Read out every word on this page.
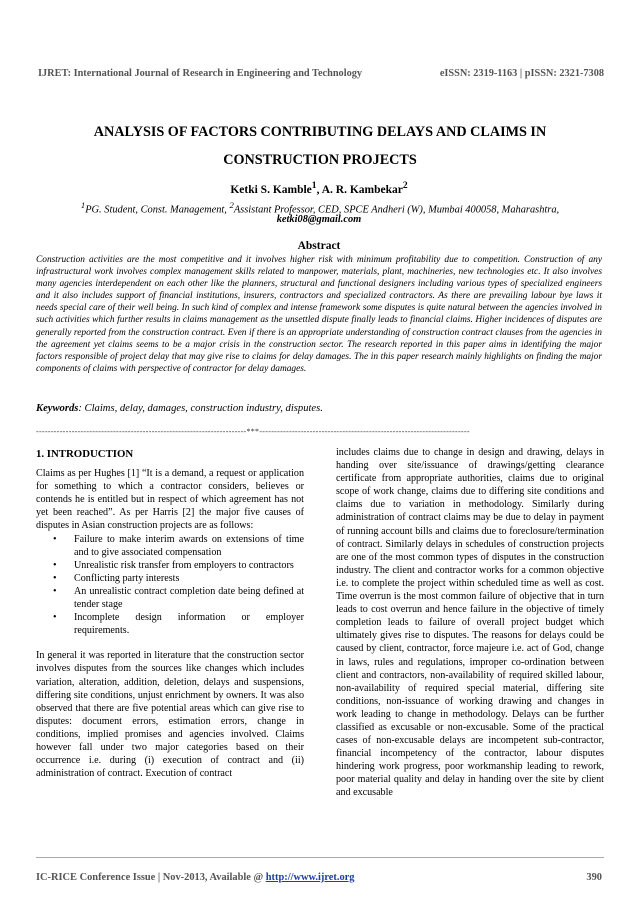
IJRET: International Journal of Research in Engineering and Technology	eISSN: 2319-1163 | pISSN: 2321-7308
ANALYSIS OF FACTORS CONTRIBUTING DELAYS AND CLAIMS IN
CONSTRUCTION PROJECTS
Ketki S. Kamble$^1$, A. R. Kambekar$^2$
$^1$PG. Student, Const. Management, $^2$Assistant Professor, CED, SPCE Andheri (W), Mumbai 400058, Maharashtra,
ketki08@gmail.com
Abstract
Construction activities are the most competitive and it involves higher risk with minimum profitability due to competition. Construction of any infrastructural work involves complex management skills related to manpower, materials, plant, machineries, new technologies etc. It also involves many agencies interdependent on each other like the planners, structural and functional designers including various types of specialized engineers and it also includes support of financial institutions, insurers, contractors and specialized contractors. As there are prevailing labour bye laws it needs special care of their well being. In such kind of complex and intense framework some disputes is quite natural between the agencies involved in such activities which further results in claims management as the unsettled dispute finally leads to financial claims. Higher incidences of disputes are generally reported from the construction contract. Even if there is an appropriate understanding of construction contract clauses from the agencies in the agreement yet claims seems to be a major crisis in the construction sector. The research reported in this paper aims in identifying the major factors responsible of project delay that may give rise to claims for delay damages. The in this paper research mainly highlights on finding the major components of claims with perspective of contractor for delay damages.
Keywords: Claims, delay, damages, construction industry, disputes.
-----------------------------------------------------------------------***-----------------------------------------------------------------------
1. INTRODUCTION

Claims as per Hughes [1] “It is a demand, a request or application for something to which a contractor considers, believes or contends he is entitled but in respect of which agreement has not yet been reached”. As per Harris [2] the major five causes of disputes in Asian construction projects are as follows:

• Failure to make interim awards on extensions of time and to give associated compensation
• Unrealistic risk transfer from employers to contractors
• Conflicting party interests
• An unrealistic contract completion date being defined at tender stage
• Incomplete design information or employer requirements.

In general it was reported in literature that the construction sector involves disputes from the sources like changes which includes variation, alteration, addition, deletion, delays and suspensions, differing site conditions, unjust enrichment by owners. It was also observed that there are five potential areas which can give rise to disputes: document errors, estimation errors, change in conditions, implied promises and agencies involved. Claims however fall under two major categories based on their occurrence i.e. during (i) execution of contract and (ii) administration of contract. Execution of contract

includes claims due to change in design and drawing, delays in handing over site/issuance of drawings/getting clearance certificate from appropriate authorities, claims due to original scope of work change, claims due to differing site conditions and claims due to variation in methodology. Similarly during administration of contract claims may be due to delay in payment of running account bills and claims due to foreclosure/termination of contract. Similarly delays in schedules of construction projects are one of the most common types of disputes in the construction industry. The client and contractor works for a common objective i.e. to complete the project within scheduled time as well as cost. Time overrun is the most common failure of objective that in turn leads to cost overrun and hence failure in the objective of timely completion leads to failure of overall project budget which ultimately gives rise to disputes. The reasons for delays could be caused by client, contractor, force majeure i.e. act of God, change in laws, rules and regulations, improper co-ordination between client and contractors, non-availability of required skilled labour, non-availability of required special material, differing site conditions, non-issuance of working drawing and changes in work leading to change in methodology. Delays can be further classified as excusable or non-excusable. Some of the practical cases of non-excusable delays are incompetent sub-contractor, financial incompetency of the contractor, labour disputes hindering work progress, poor workmanship leading to rework, poor material quality and delay in handing over the site by client and excusable

IC-RICE Conference Issue | Nov-2013, Available @ http://www.ijret.org	390
